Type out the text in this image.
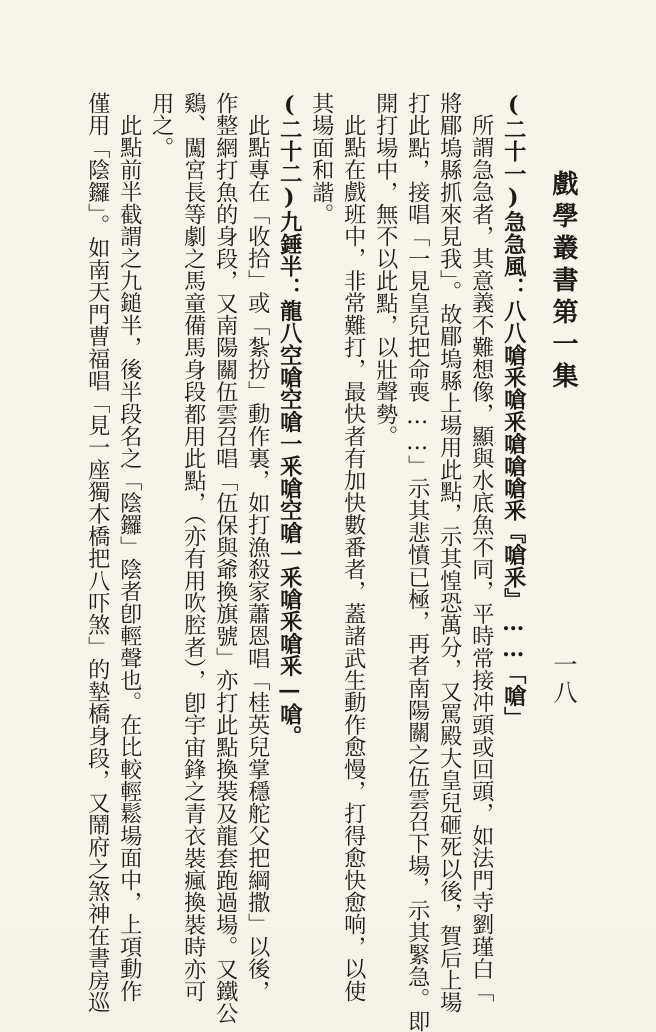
戲學叢書第一集
一八
(二十一)急急風：八八嗆釆嗆釆嗆嗆嗆釆『嗆釆』……「嗆」
所謂急急者，其意義不難想像，顯與水底魚不同，平時常接冲頭或回頭，如法門寺劉瑾白「
將郿塢縣抓來見我」。故郿塢縣上場用此點，示其惶恐萬分，又罵殿大皇兒砸死以後，賀后上場
打此點，接唱「一見皇兒把命喪……」示其悲憤已極，再者南陽關之伍雲召下場，示其緊急。即
開打場中，無不以此點，以壯聲勢。
此點在戲班中，非常難打，最快者有加快數番者，蓋諸武生動作愈慢，打得愈快愈响，以使
其場面和諧。
(二十二)九錘半：龍八空嗆空嗆一釆嗆空嗆一釆嗆釆嗆釆—嗆。
此點專在「收拾」或「紮扮」動作裏，如打漁殺家蕭恩唱「桂英兒掌穩舵父把綱撒」以後，
作整網打魚的身段，又南陽關伍雲召唱「伍保與爺換旗號」亦打此點換裝及龍套跑過場。又鐵公
鷄、闖宮長等劇之馬童備馬身段都用此點，（亦有用吹腔者），卽宇宙鋒之青衣裝瘋換裝時亦可
用之。
此點前半截謂之九鎚半，後半段名之「陰鑼」陰者卽輕聲也。在比較輕鬆場面中，上項動作
僅用「陰鑼」。如南天門曹福唱「見一座獨木橋把八吓煞」的墊橋身段，又鬧府之煞神在書房巡
